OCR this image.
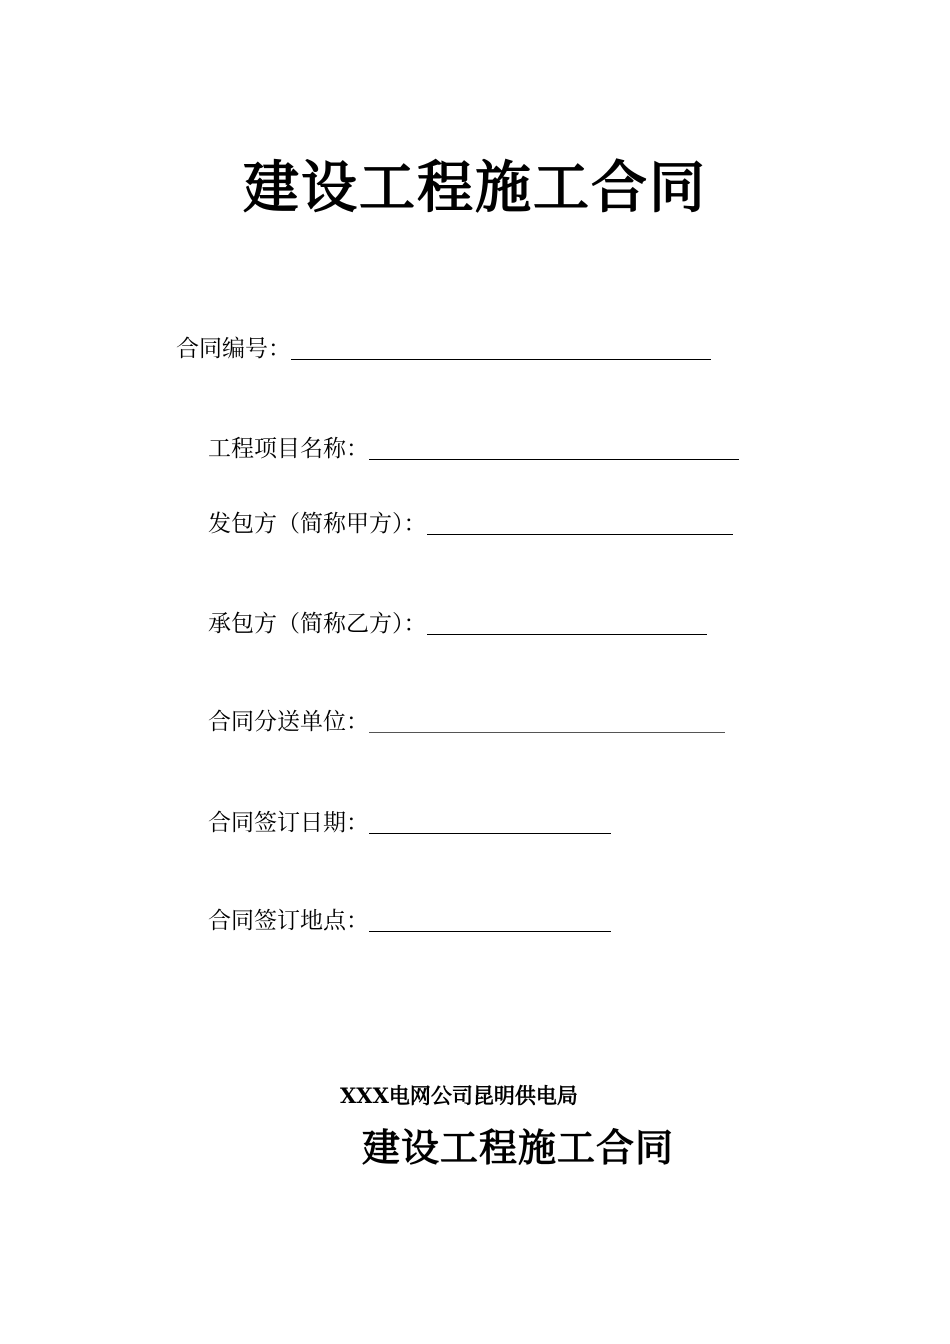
建设工程施工合同
合同编号：
工程项目名称：
发包方（简称甲方）：
承包方（简称乙方）：
合同分送单位：
合同签订日期：
合同签订地点：
XXX电网公司昆明供电局
建设工程施工合同
